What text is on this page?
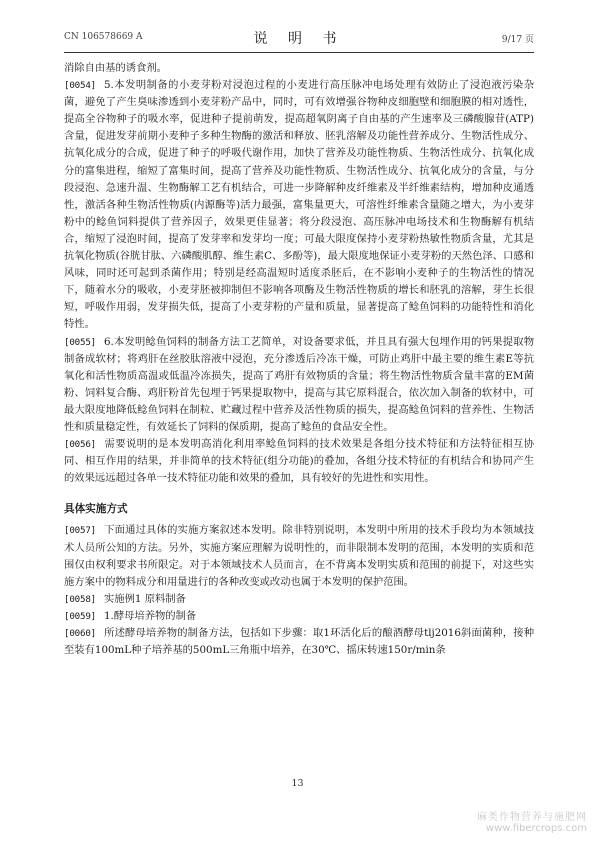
CN 106578669 A	说 明 书	9/17 页

消除自由基的诱食剂。

[0054] 5.本发明制备的小麦芽粉对浸泡过程的小麦进行高压脉冲电场处理有效防止了浸泡液污染杂菌，避免了产生臭味渗透到小麦芽粉产品中，同时，可有效增强谷物种皮细胞壁和细胞膜的相对透性，提高全谷物种子的吸水率，促进种子提前萌发，提高超氧阴离子自由基的产生速率及三磷酸腺苷(ATP)含量，促进发芽前期小麦种子多种生物酶的激活和释放、胚乳溶解及功能性营养成分、生物活性成分、抗氧化成分的合成，促进了种子的呼吸代谢作用，加快了营养及功能性物质、生物活性成分、抗氧化成分的富集进程，缩短了富集时间，提高了营养及功能性物质、生物活性成分、抗氧化成分的含量，与分段浸泡、急速升温、生物酶解工艺有机结合，可进一步降解种皮纤维素及半纤维素结构，增加种皮通透性，激活各种生物活性物质(内源酶等)活力最强，富集量更大，可溶性纤维素含量随之增大，为小麦芽粉中的鲶鱼饲料提供了营养因子，效果更佳显著；将分段浸泡、高压脉冲电场技术和生物酶解有机结合，缩短了浸泡时间，提高了发芽率和发芽均一度；可最大限度保持小麦芽粉热敏性物质含量，尤其是抗氧化物质(谷胱甘肽、六磷酸肌醇、维生素C、多酚等)，最大限度地保证小麦芽粉的天然色泽、口感和风味，同时还可起到杀菌作用；特别是经高温短时适度杀胚后，在不影响小麦种子的生物活性的情况下，随着水分的吸收，小麦芽胚被抑制但不影响各项酶及生物活性物质的增长和胚乳的溶解，芽生长很短，呼吸作用弱，发芽损失低，提高了小麦芽粉的产量和质量，显著提高了鲶鱼饲料的功能特性和消化特性。

[0055] 6.本发明鲶鱼饲料的制备方法工艺简单，对设备要求低，并且具有强大包埋作用的钙果提取物制备成软材；将鸡肝在丝胶肽溶液中浸泡，充分渗透后冷冻干燥，可防止鸡肝中最主要的维生素E等抗氧化和活性物质高温或低温冷冻损失，提高了鸡肝有效物质的含量；将生物活性物质含量丰富的EM菌粉、饲料复合酶、鸡肝粉首先包埋于钙果提取物中，提高与其它原料混合，依次加入制备的软材中，可最大限度地降低鲶鱼饲料在制粒、贮藏过程中营养及活性物质的损失，提高鲶鱼饲料的营养性、生物活性和质量稳定性，有效延长了饲料的保质期，提高了鲶鱼的食品安全性。

[0056] 需要说明的是本发明高消化利用率鲶鱼饲料的技术效果是各组分技术特征和方法特征相互协同、相互作用的结果，并非简单的技术特征(组分功能)的叠加，各组分技术特征的有机结合和协同产生的效果远远超过各单一技术特征功能和效果的叠加，具有较好的先进性和实用性。

具体实施方式

[0057] 下面通过具体的实施方案叙述本发明。除非特别说明，本发明中所用的技术手段均为本领域技术人员所公知的方法。另外，实施方案应理解为说明性的，而非限制本发明的范围，本发明的实质和范围仅由权利要求书所限定。对于本领域技术人员而言，在不背离本发明实质和范围的前提下，对这些实施方案中的物料成分和用量进行的各种改变或改动也属于本发明的保护范围。

[0058] 实施例1 原料制备

[0059] 1.酵母培养物的制备

[0060] 所述酵母培养物的制备方法，包括如下步骤：取1环活化后的酿酒酵母tlj2016斜面菌种，接种至装有100mL种子培养基的500mL三角瓶中培养，在30℃、摇床转速150r/min条

13
麻类作物营养与施肥网
www.fibercrops.com
